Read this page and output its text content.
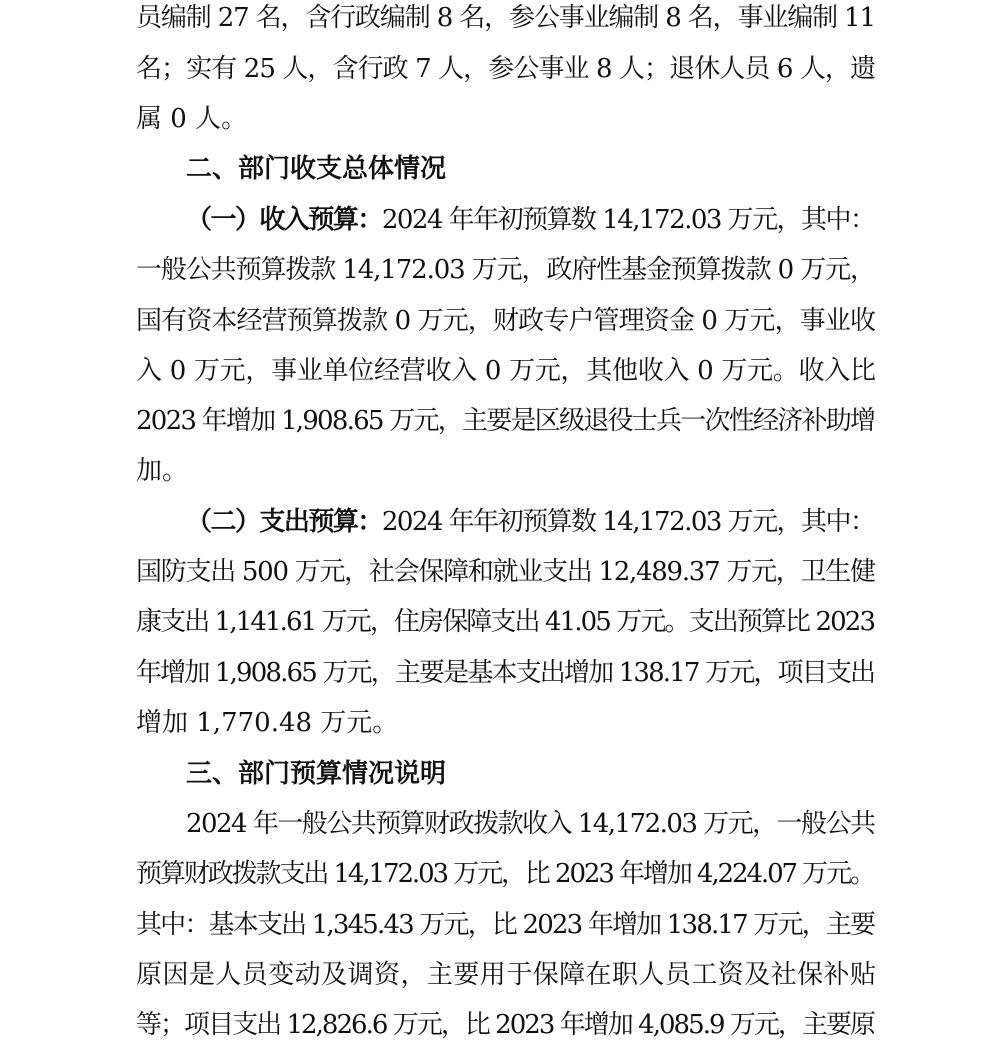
员编制 27 名，含行政编制 8 名，参公事业编制 8 名，事业编制 11
名；实有 25 人，含行政 7 人，参公事业 8 人；退休人员 6 人，遗
属 0 人。
二、部门收支总体情况
（一）收入预算：2024 年年初预算数 14,172.03 万元，其中：
一般公共预算拨款 14,172.03 万元，政府性基金预算拨款 0 万元，
国有资本经营预算拨款 0 万元，财政专户管理资金 0 万元，事业收
入 0 万元，事业单位经营收入 0 万元，其他收入 0 万元。收入比
2023 年增加 1,908.65 万元，主要是区级退役士兵一次性经济补助增
加。
（二）支出预算：2024 年年初预算数 14,172.03 万元，其中：
国防支出 500 万元，社会保障和就业支出 12,489.37 万元，卫生健
康支出 1,141.61 万元，住房保障支出 41.05 万元。支出预算比 2023
年增加 1,908.65 万元，主要是基本支出增加 138.17 万元，项目支出
增加 1,770.48 万元。
三、部门预算情况说明
2024 年一般公共预算财政拨款收入 14,172.03 万元，一般公共
预算财政拨款支出 14,172.03 万元，比 2023 年增加 4,224.07 万元。
其中：基本支出 1,345.43 万元，比 2023 年增加 138.17 万元，主要
原因是人员变动及调资，主要用于保障在职人员工资及社保补贴
等；项目支出 12,826.6 万元，比 2023 年增加 4,085.9 万元，主要原
